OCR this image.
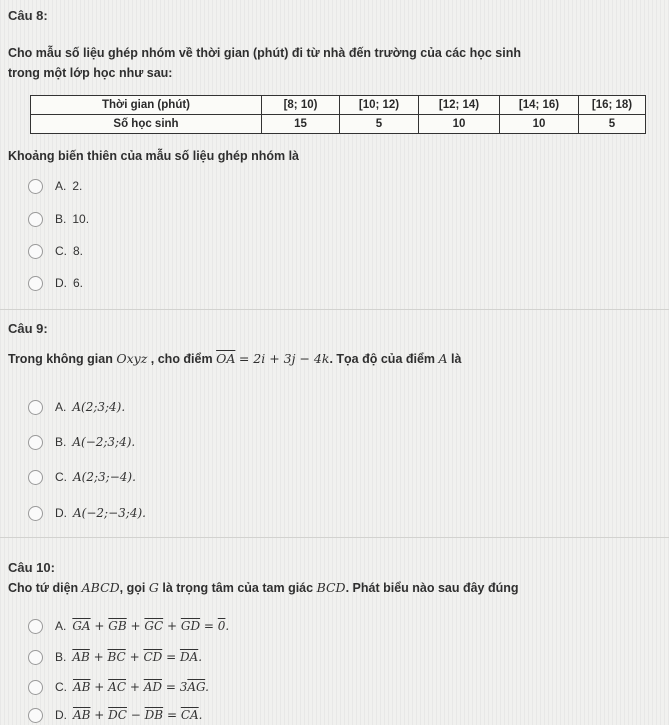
Câu 8:
Cho mẫu số liệu ghép nhóm về thời gian (phút) đi từ nhà đến trường của các học sinh
trong một lớp học như sau:
Thời gian (phút)	[8; 10)	[10; 12)	[12; 14)	[14; 16)	[16; 18)
Số học sinh	15	5	10	10	5
Khoảng biến thiên của mẫu số liệu ghép nhóm là
A. 2.
B. 10.
C. 8.
D. 6.
Câu 9:
Trong không gian Oxyz , cho điểm $\overline{OA} = 2i + 3j - 4k$. Tọa độ của điểm A là
A. A(2;3;4).
B. A(−2;3;4).
C. A(2;3;−4).
D. A(−2;−3;4).
Câu 10:
Cho tứ diện ABCD, gọi G là trọng tâm của tam giác BCD. Phát biểu nào sau đây đúng
A. $\overline{GA} + \overline{GB} + \overline{GC} + \overline{GD} = 0$.
B. $\overline{AB} + \overline{BC} + \overline{CD} = \overline{DA}$.
C. $\overline{AB} + \overline{AC} + \overline{AD} = 3\overline{AG}$.
D. $\overline{AB} + \overline{DC} - \overline{DB} = \overline{CA}$.
